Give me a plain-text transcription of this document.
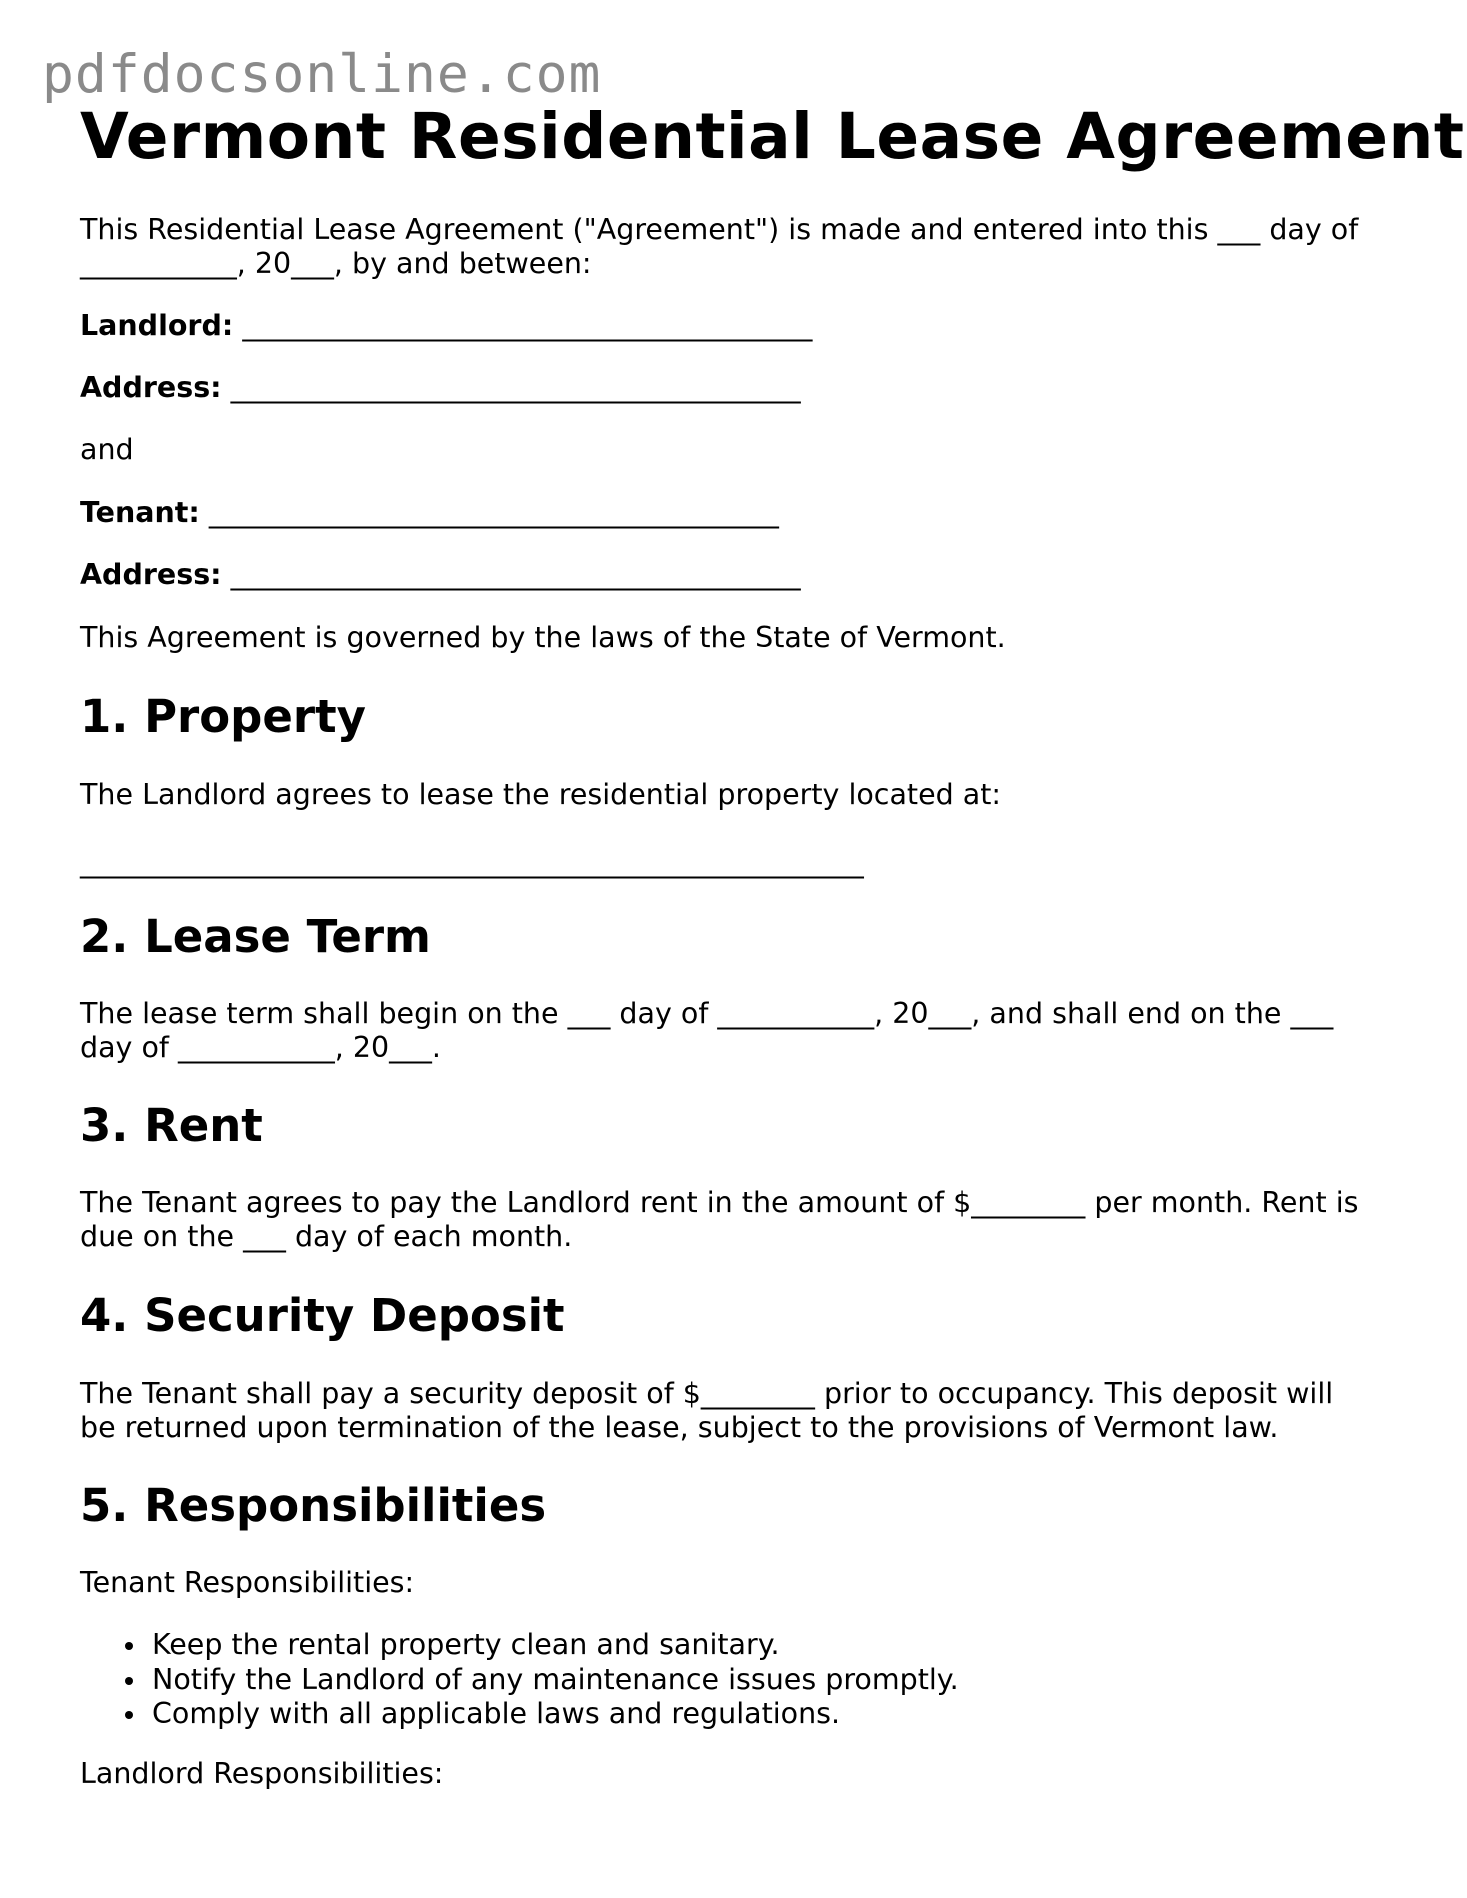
pdfdocsonline.com
Vermont Residential Lease Agreement

This Residential Lease Agreement ("Agreement") is made and entered into this ___ day of

___________, 20___, by and between:

Landlord: ________________________________________

Address: ________________________________________

and

Tenant: ________________________________________

Address: ________________________________________

This Agreement is governed by the laws of the State of Vermont.

1. Property

The Landlord agrees to lease the residential property located at:

_______________________________________________________

2. Lease Term

The lease term shall begin on the ___ day of ___________, 20___, and shall end on the ___

day of ___________, 20___.

3. Rent

The Tenant agrees to pay the Landlord rent in the amount of $________ per month. Rent is

due on the ___ day of each month.

4. Security Deposit

The Tenant shall pay a security deposit of $________ prior to occupancy. This deposit will

be returned upon termination of the lease, subject to the provisions of Vermont law.

5. Responsibilities

Tenant Responsibilities:

Keep the rental property clean and sanitary.
Notify the Landlord of any maintenance issues promptly.
Comply with all applicable laws and regulations.

Landlord Responsibilities:
